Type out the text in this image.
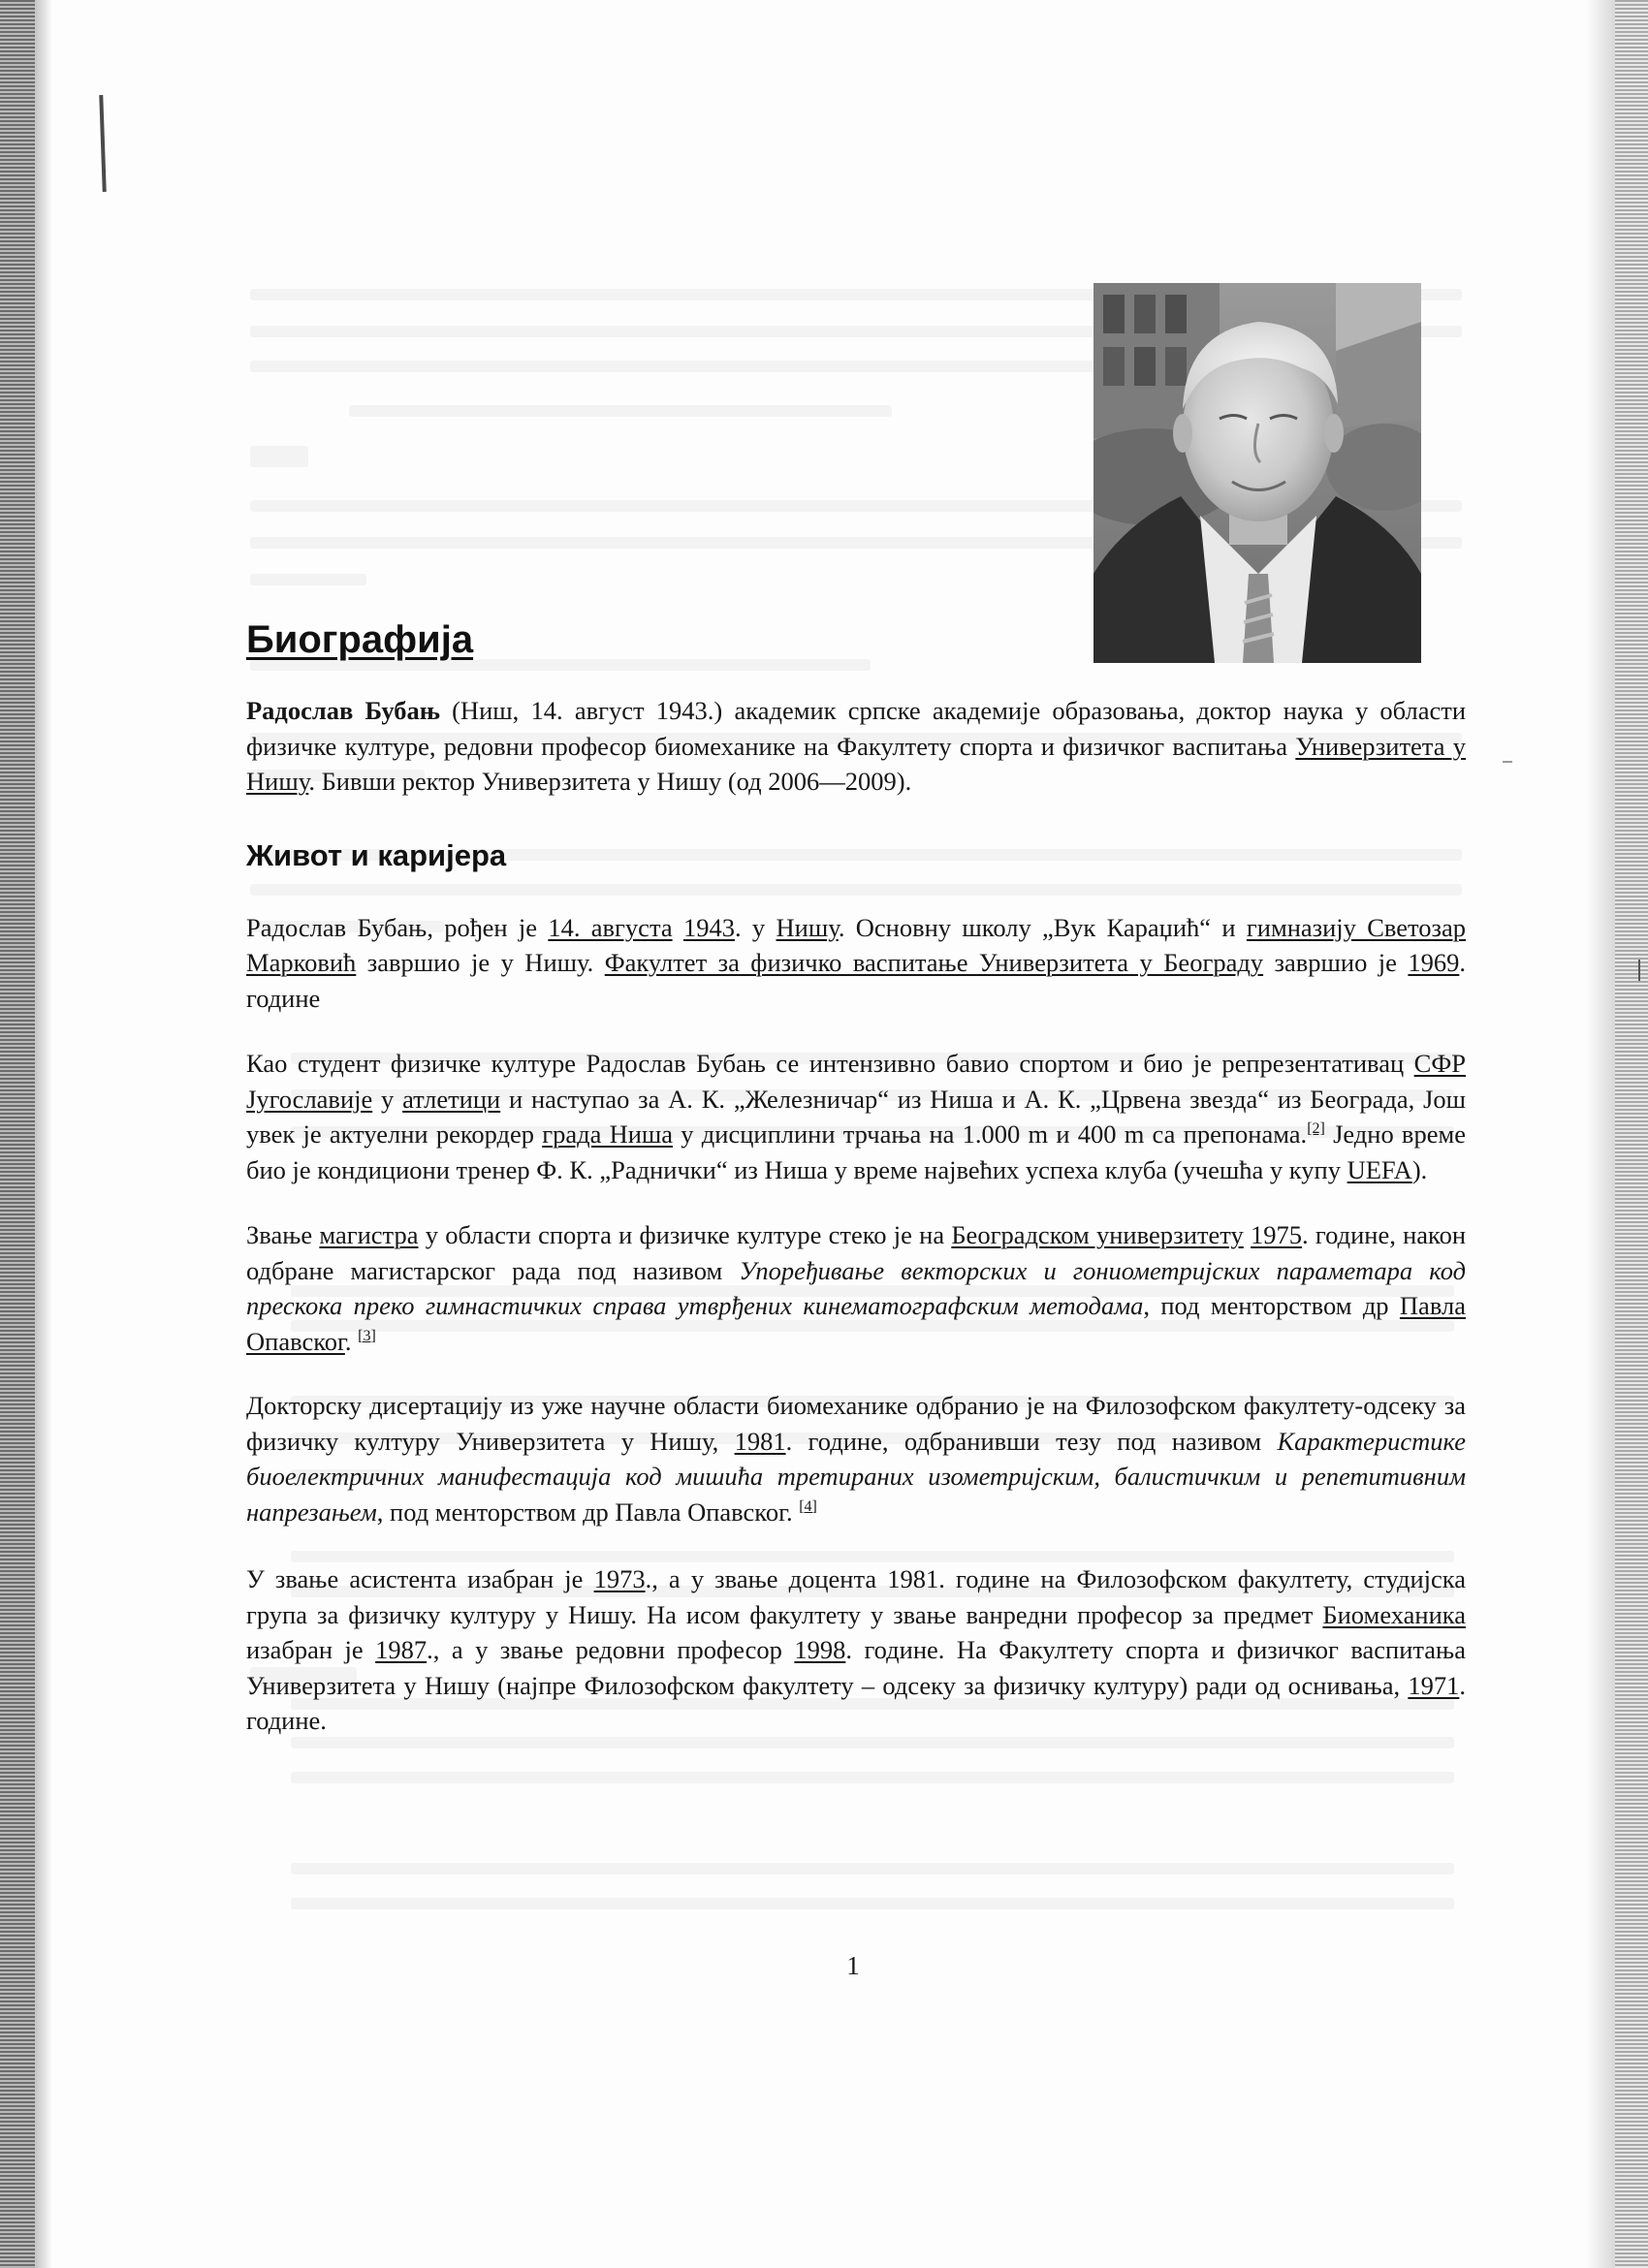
Биографија

Радослав Бубањ (Ниш, 14. август 1943.) академик српске академије образовања, доктор наука у области физичке културе, редовни професор биомеханике на Факултету спорта и физичког васпитања Универзитета у Нишу. Бивши ректор Универзитета у Нишу (од 2006—2009).

Живот и каријера

Радослав Бубањ, рођен је 14. августа 1943. у Нишу. Основну школу „Вук Караџић“ и гимназију Светозар Марковић завршио је у Нишу. Факултет за физичко васпитање Универзитета у Београду завршио је 1969. године

Као студент физичке културе Радослав Бубањ се интензивно бавио спортом и био је репрезентативац СФР Југославије у атлетици и наступао за А. К. „Железничар“ из Ниша и А. К. „Црвена звезда“ из Београда, Још увек је актуелни рекордер града Ниша у дисциплини трчања на 1.000 m и 400 m са препонама.[2] Једно време био је кондициони тренер Ф. К. „Раднички“ из Ниша у време највећих успеха клуба (учешћа у купу UEFA).

Звање магистра у области спорта и физичке културе стеко је на Београдском универзитету 1975. године, након одбране магистарског рада под називом Упоређивање векторских и гониометријских параметара код прескока преко гимнастичких справа утврђених кинематографским методама, под менторством др Павла Опавског. [3]

Докторску дисертацију из уже научне области биомеханике одбранио је на Филозофском факултету-одсеку за физичку културу Универзитета у Нишу, 1981. године, одбранивши тезу под називом Карактеристике биоелектричних манифестација код мишића третираних изометријским, балистичким и репетитивним напрезањем, под менторством др Павла Опавског. [4]

У звање асистента изабран је 1973., а у звање доцента 1981. године на Филозофском факултету, студијска група за физичку културу у Нишу. На исом факултету у звање ванредни професор за предмет Биомеханика изабран је 1987., а у звање редовни професор 1998. године. На Факултету спорта и физичког васпитања Универзитета у Нишу (најпре Филозофском факултету – одсеку за физичку културу) ради од оснивања, 1971. године.

1
